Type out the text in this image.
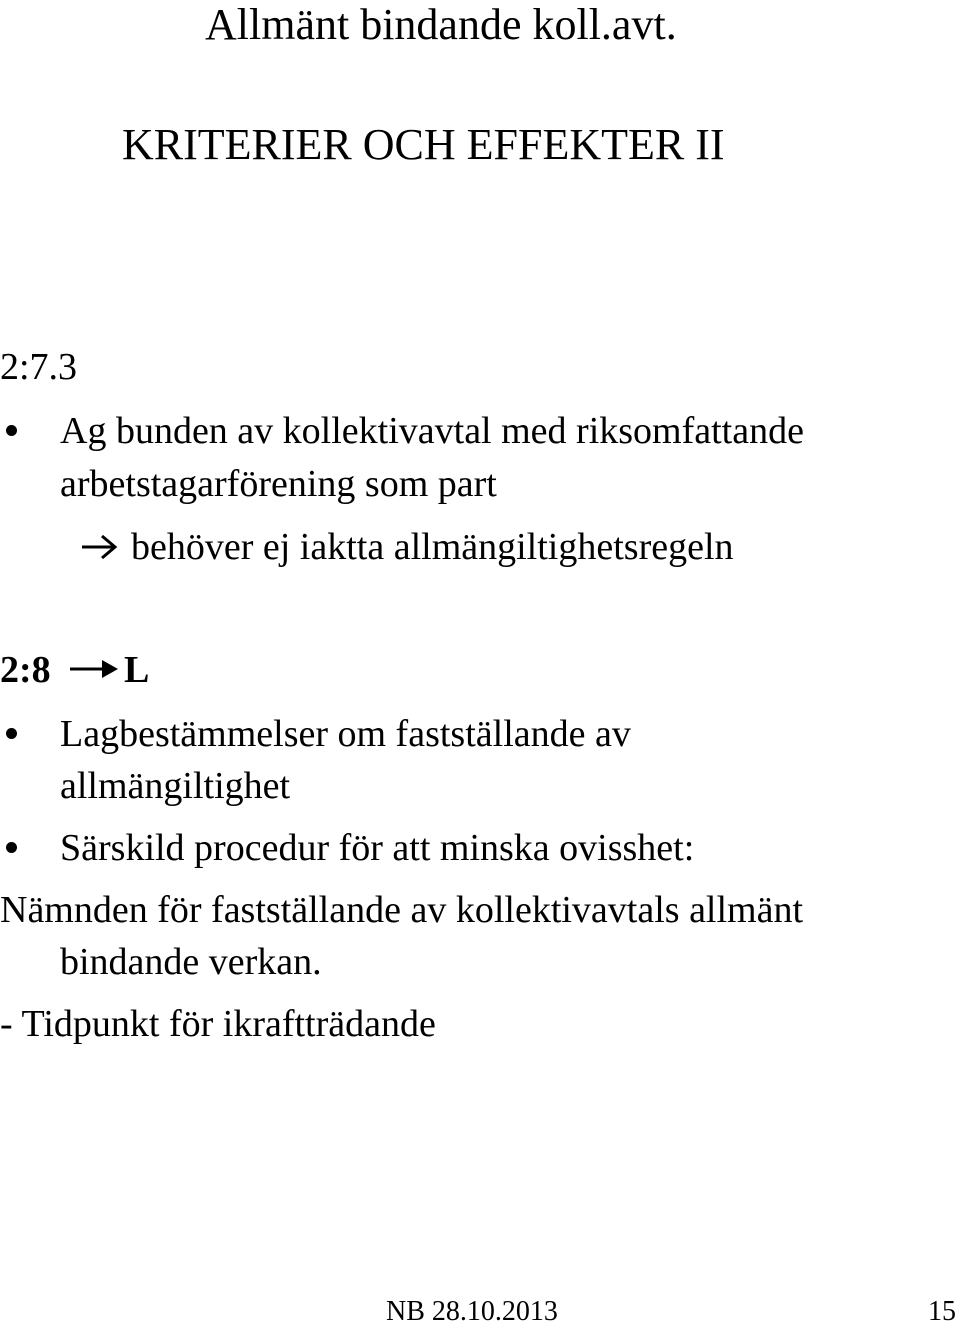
Allmänt bindande koll.avt.
KRITERIER OCH EFFEKTER II
2:7.3
Ag bunden av kollektivavtal med riksomfattande
arbetstagarförening som part
behöver ej iaktta allmängiltighetsregeln
2:8 L
Lagbestämmelser om fastställande av
allmängiltighet
Särskild procedur för att minska ovisshet:
Nämnden för fastställande av kollektivavtals allmänt
bindande verkan.
- Tidpunkt för ikraftträdande
NB 28.10.2013	15
